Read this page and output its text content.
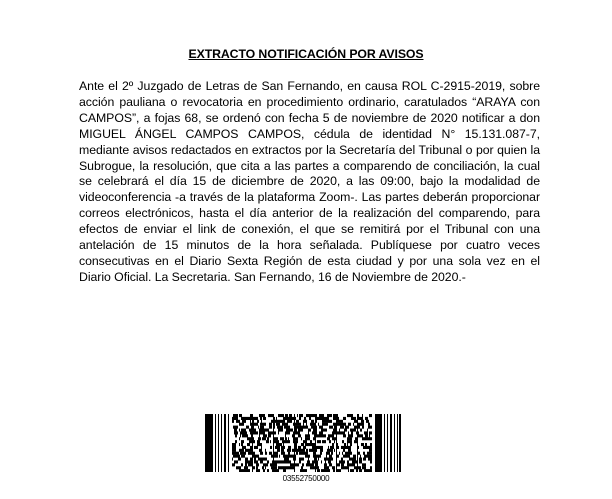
EXTRACTO NOTIFICACIÓN POR AVISOS
Ante el 2º Juzgado de Letras de San Fernando, en causa ROL C-2915-2019, sobre acción pauliana o revocatoria en procedimiento ordinario, caratulados “ARAYA con CAMPOS”, a fojas 68, se ordenó con fecha 5 de noviembre de 2020 notificar a don MIGUEL ÁNGEL CAMPOS CAMPOS, cédula de identidad N° 15.131.087-7, mediante avisos redactados en extractos por la Secretaría del Tribunal o por quien la Subrogue, la resolución, que cita a las partes a comparendo de conciliación, la cual se celebrará el día 15 de diciembre de 2020, a las 09:00, bajo la modalidad de videoconferencia -a través de la plataforma Zoom-. Las partes deberán proporcionar correos electrónicos, hasta el día anterior de la realización del comparendo, para efectos de enviar el link de conexión, el que se remitirá por el Tribunal con una antelación de 15 minutos de la hora señalada. Publíquese por cuatro veces consecutivas en el Diario Sexta Región de esta ciudad y por una sola vez en el Diario Oficial. La Secretaria. San Fernando, 16 de Noviembre de 2020.-
03552750000
